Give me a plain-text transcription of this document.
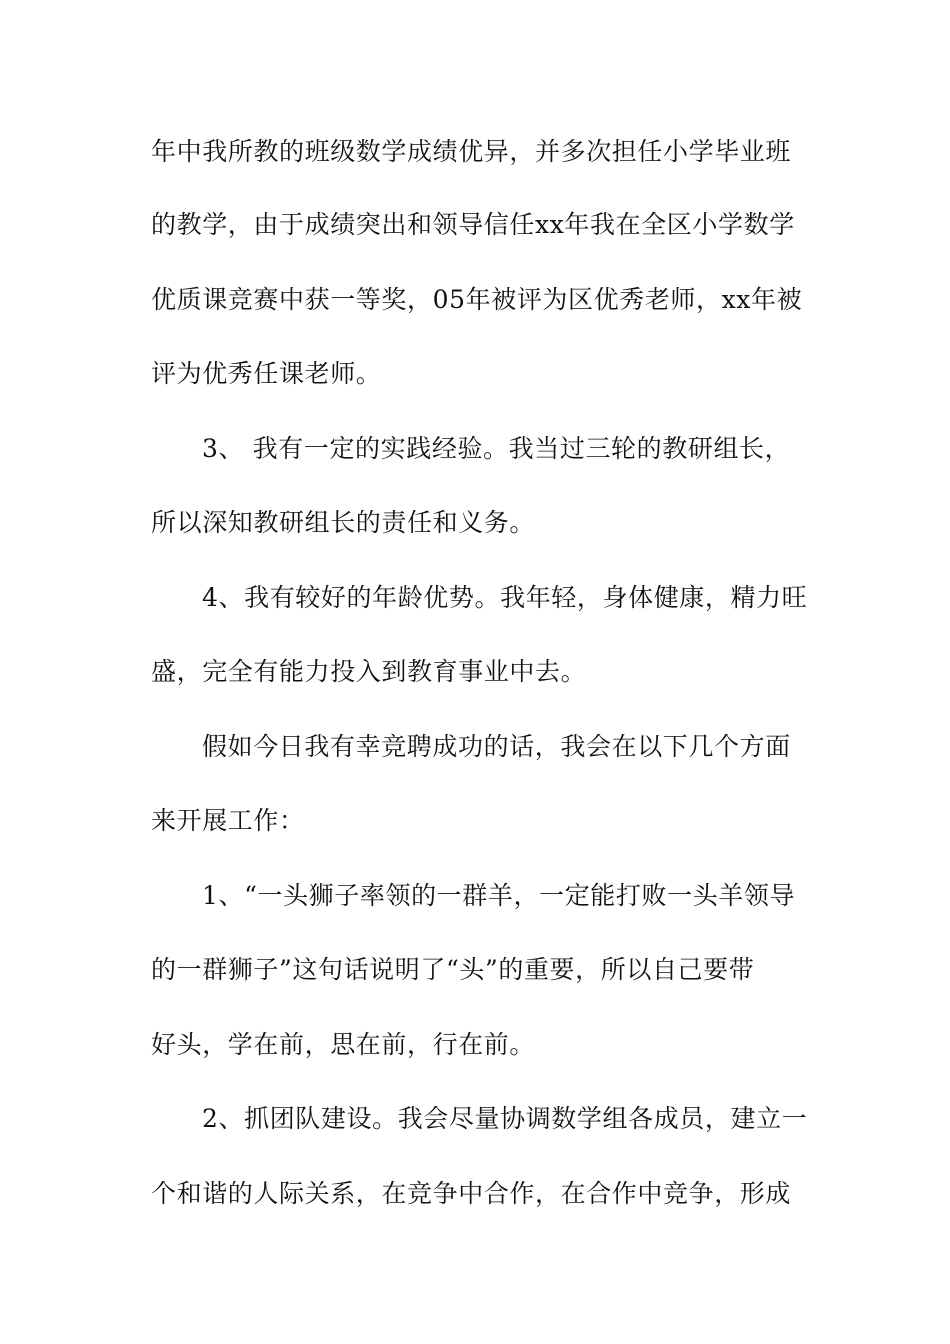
年中我所教的班级数学成绩优异，并多次担任小学毕业班
的教学，由于成绩突出和领导信任xx年我在全区小学数学
优质课竞赛中获一等奖，05年被评为区优秀老师，xx年被
评为优秀任课老师。
3、 我有一定的实践经验。我当过三轮的教研组长，
所以深知教研组长的责任和义务。
4、我有较好的年龄优势。我年轻，身体健康，精力旺
盛，完全有能力投入到教育事业中去。
假如今日我有幸竞聘成功的话，我会在以下几个方面
来开展工作：
1、“一头狮子率领的一群羊，一定能打败一头羊领导
的一群狮子”这句话说明了“头”的重要，所以自己要带
好头，学在前，思在前，行在前。
2、抓团队建设。我会尽量协调数学组各成员，建立一
个和谐的人际关系，在竞争中合作，在合作中竞争，形成
